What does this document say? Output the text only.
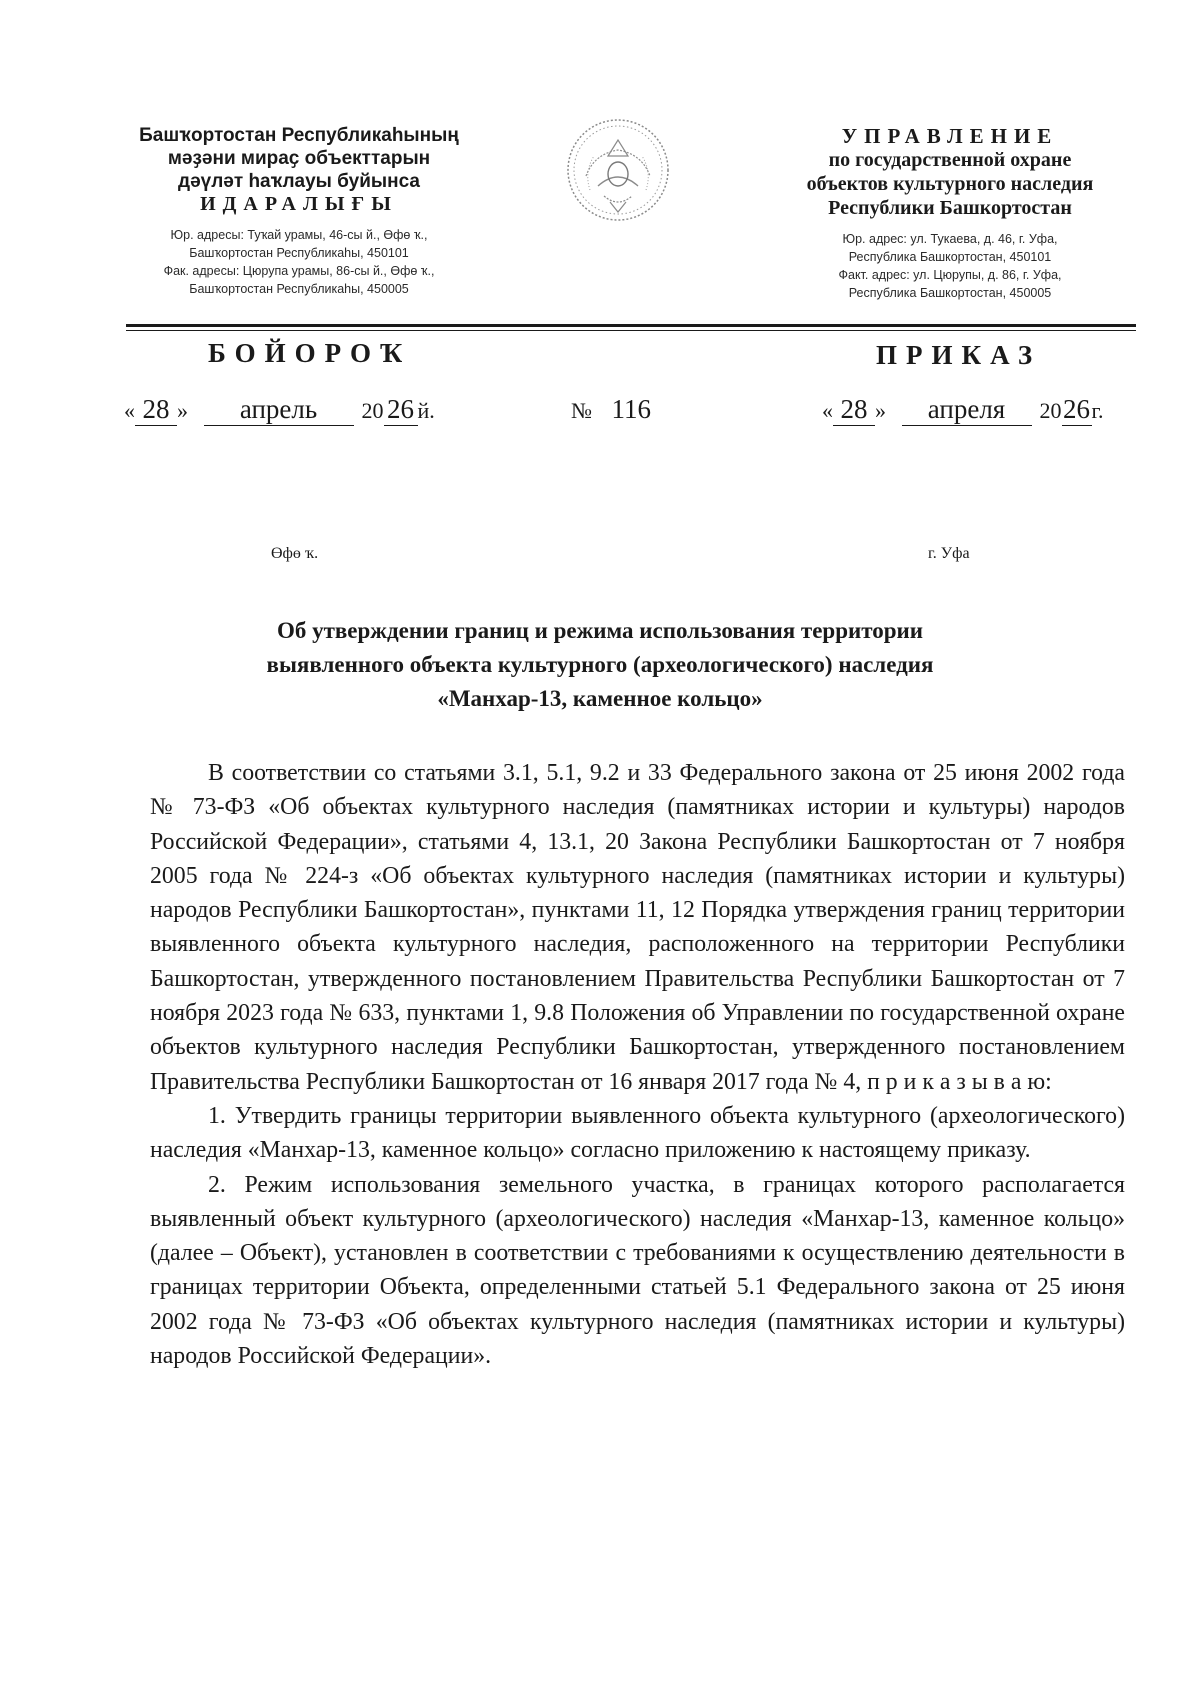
Башҡортостан Республикаһының
мәҙәни мираҫ объекттарын
дәүләт һаҡлауы буйынса
ИДАРАЛЫҒЫ
Юр. адресы: Туҡай урамы, 46-сы й., Өфө ҡ.,
Башҡортостан Республикаһы, 450101
Фак. адресы: Цюрупа урамы, 86-сы й., Өфө ҡ.,
Башҡортостан Республикаһы, 450005
УПРАВЛЕНИЕ
по государственной охране
объектов культурного наследия
Республики Башкортостан
Юр. адрес: ул. Тукаева, д. 46, г. Уфа,
Республика Башкортостан, 450101
Факт. адрес: ул. Цюрупы, д. 86, г. Уфа,
Республика Башкортостан, 450005
БОЙОРОҠ	ПРИКАЗ
« 28 » апрель 20 26 й.	№ 116	« 28 » апреля 2026г.
Өфө ҡ.	г. Уфа
Об утверждении границ и режима использования территории
выявленного объекта культурного (археологического) наследия
«Манхар-13, каменное кольцо»

В соответствии со статьями 3.1, 5.1, 9.2 и 33 Федерального закона от 25 июня 2002 года № 73-ФЗ «Об объектах культурного наследия (памятниках истории и культуры) народов Российской Федерации», статьями 4, 13.1, 20 Закона Республики Башкортостан от 7 ноября 2005 года № 224-з «Об объектах культурного наследия (памятниках истории и культуры) народов Республики Башкортостан», пунктами 11, 12 Порядка утверждения границ территории выявленного объекта культурного наследия, расположенного на территории Республики Башкортостан, утвержденного постановлением Правительства Республики Башкортостан от 7 ноября 2023 года № 633, пунктами 1, 9.8 Положения об Управлении по государственной охране объектов культурного наследия Республики Башкортостан, утвержденного постановлением Правительства Республики Башкортостан от 16 января 2017 года № 4, п р и к а з ы в а ю:

1. Утвердить границы территории выявленного объекта культурного (археологического) наследия «Манхар-13, каменное кольцо» согласно приложению к настоящему приказу.

2. Режим использования земельного участка, в границах которого располагается выявленный объект культурного (археологического) наследия «Манхар-13, каменное кольцо» (далее – Объект), установлен в соответствии с требованиями к осуществлению деятельности в границах территории Объекта, определенными статьей 5.1 Федерального закона от 25 июня 2002 года № 73-ФЗ «Об объектах культурного наследия (памятниках истории и культуры) народов Российской Федерации».
